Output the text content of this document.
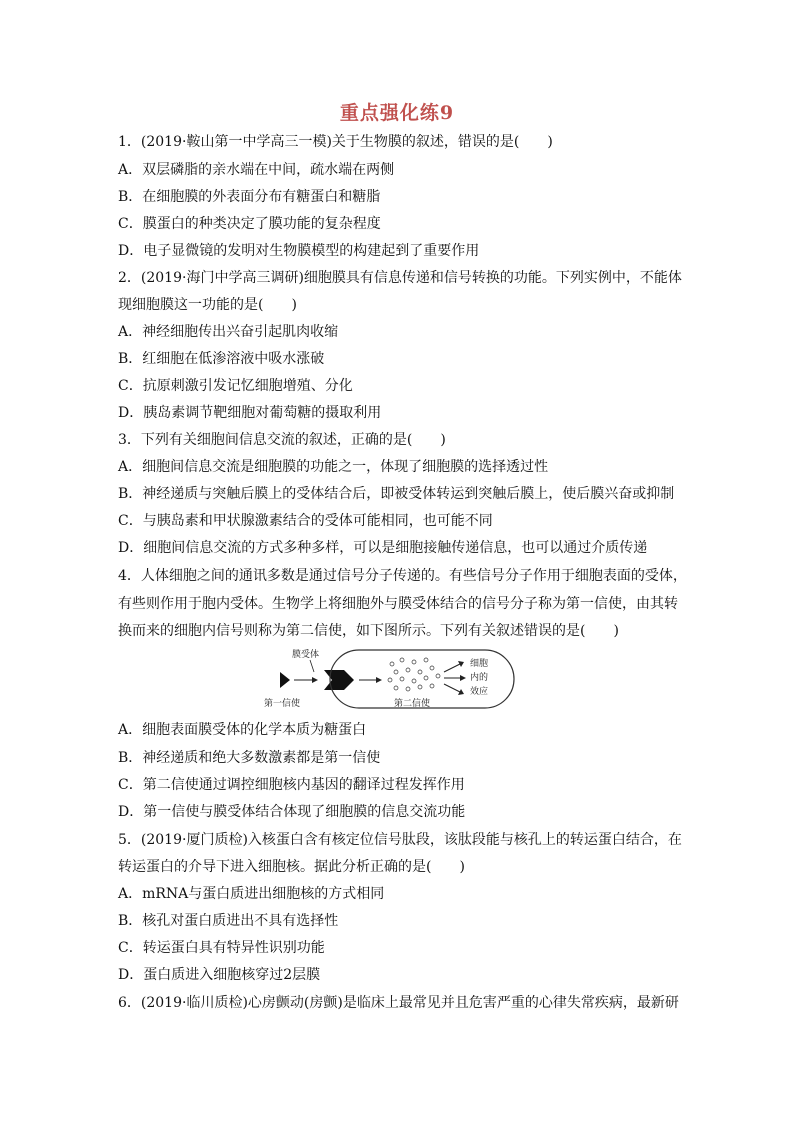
重点强化练9
1．(2019·鞍山第一中学高三一模)关于生物膜的叙述，错误的是(　　)
A．双层磷脂的亲水端在中间，疏水端在两侧
B．在细胞膜的外表面分布有糖蛋白和糖脂
C．膜蛋白的种类决定了膜功能的复杂程度
D．电子显微镜的发明对生物膜模型的构建起到了重要作用
2．(2019·海门中学高三调研)细胞膜具有信息传递和信号转换的功能。下列实例中，不能体
现细胞膜这一功能的是(　　)
A．神经细胞传出兴奋引起肌肉收缩
B．红细胞在低渗溶液中吸水涨破
C．抗原刺激引发记忆细胞增殖、分化
D．胰岛素调节靶细胞对葡萄糖的摄取利用
3．下列有关细胞间信息交流的叙述，正确的是(　　)
A．细胞间信息交流是细胞膜的功能之一，体现了细胞膜的选择透过性
B．神经递质与突触后膜上的受体结合后，即被受体转运到突触后膜上，使后膜兴奋或抑制
C．与胰岛素和甲状腺激素结合的受体可能相同，也可能不同
D．细胞间信息交流的方式多种多样，可以是细胞接触传递信息，也可以通过介质传递
4．人体细胞之间的通讯多数是通过信号分子传递的。有些信号分子作用于细胞表面的受体，
有些则作用于胞内受体。生物学上将细胞外与膜受体结合的信号分子称为第一信使，由其转
换而来的细胞内信号则称为第二信使，如下图所示。下列有关叙述错误的是(　　)
膜受体
细胞
内的
效应
第一信使	第二信使
A．细胞表面膜受体的化学本质为糖蛋白
B．神经递质和绝大多数激素都是第一信使
C．第二信使通过调控细胞核内基因的翻译过程发挥作用
D．第一信使与膜受体结合体现了细胞膜的信息交流功能
5．(2019·厦门质检)入核蛋白含有核定位信号肽段，该肽段能与核孔上的转运蛋白结合，在
转运蛋白的介导下进入细胞核。据此分析正确的是(　　)
A．mRNA与蛋白质进出细胞核的方式相同
B．核孔对蛋白质进出不具有选择性
C．转运蛋白具有特异性识别功能
D．蛋白质进入细胞核穿过2层膜
6．(2019·临川质检)心房颤动(房颤)是临床上最常见并且危害严重的心律失常疾病，最新研
